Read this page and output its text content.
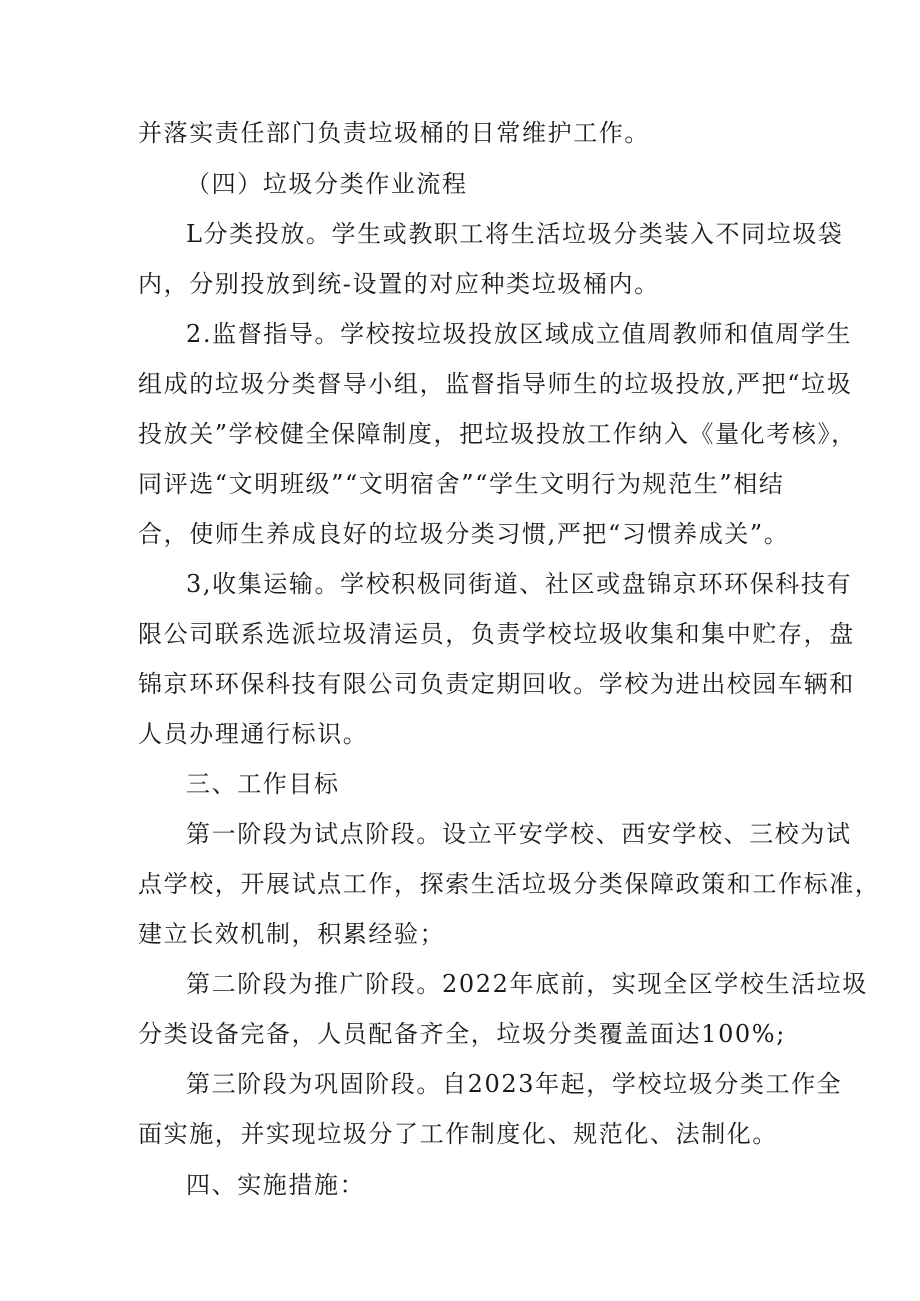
并落实责任部门负责垃圾桶的日常维护工作。

（四）垃圾分类作业流程

L分类投放。学生或教职工将生活垃圾分类装入不同垃圾袋

内，分别投放到统-设置的对应种类垃圾桶内。

2.监督指导。学校按垃圾投放区域成立值周教师和值周学生

组成的垃圾分类督导小组，监督指导师生的垃圾投放,严把“垃圾

投放关”学校健全保障制度，把垃圾投放工作纳入《量化考核》，

同评选“文明班级”“文明宿舍”“学生文明行为规范生”相结

合，使师生养成良好的垃圾分类习惯,严把“习惯养成关”。

3,收集运输。学校积极同街道、社区或盘锦京环环保科技有

限公司联系选派垃圾清运员，负责学校垃圾收集和集中贮存，盘

锦京环环保科技有限公司负责定期回收。学校为进出校园车辆和

人员办理通行标识。

三、工作目标

第一阶段为试点阶段。设立平安学校、西安学校、三校为试

点学校，开展试点工作，探索生活垃圾分类保障政策和工作标准，

建立长效机制，积累经验；

第二阶段为推广阶段。2022年底前，实现全区学校生活垃圾

分类设备完备，人员配备齐全，垃圾分类覆盖面达100%;

第三阶段为巩固阶段。自2023年起，学校垃圾分类工作全

面实施，并实现垃圾分了工作制度化、规范化、法制化。

四、实施措施：
